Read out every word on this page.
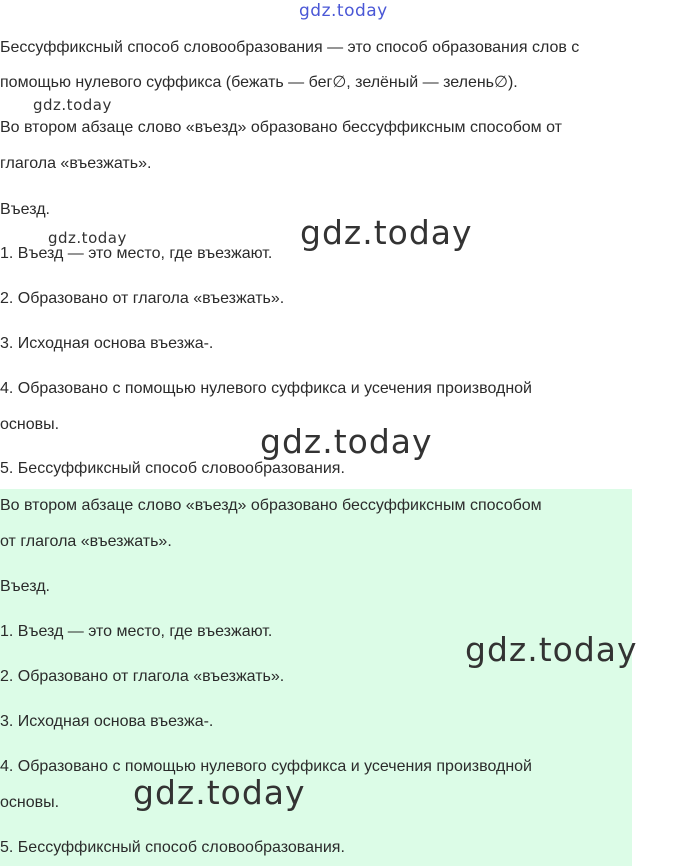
gdz.today
gdz.today
gdz.today	gdz.today
gdz.today
gdz.today
gdz.today
Бессуффиксный способ словообразования — это способ образования слов с
помощью нулевого суффикса (бежать — бег∅, зелёный — зелень∅).
Во втором абзаце слово «въезд» образовано бессуффиксным способом от
глагола «въезжать».
Въезд.
1. Въезд — это место, где въезжают.
2. Образовано от глагола «въезжать».
3. Исходная основа въезжа-.
4. Образовано с помощью нулевого суффикса и усечения производной
основы.
5. Бессуффиксный способ словообразования.
Во втором абзаце слово «въезд» образовано бессуффиксным способом
от глагола «въезжать».
Въезд.
1. Въезд — это место, где въезжают.
2. Образовано от глагола «въезжать».
3. Исходная основа въезжа-.
4. Образовано с помощью нулевого суффикса и усечения производной
основы.
5. Бессуффиксный способ словообразования.
